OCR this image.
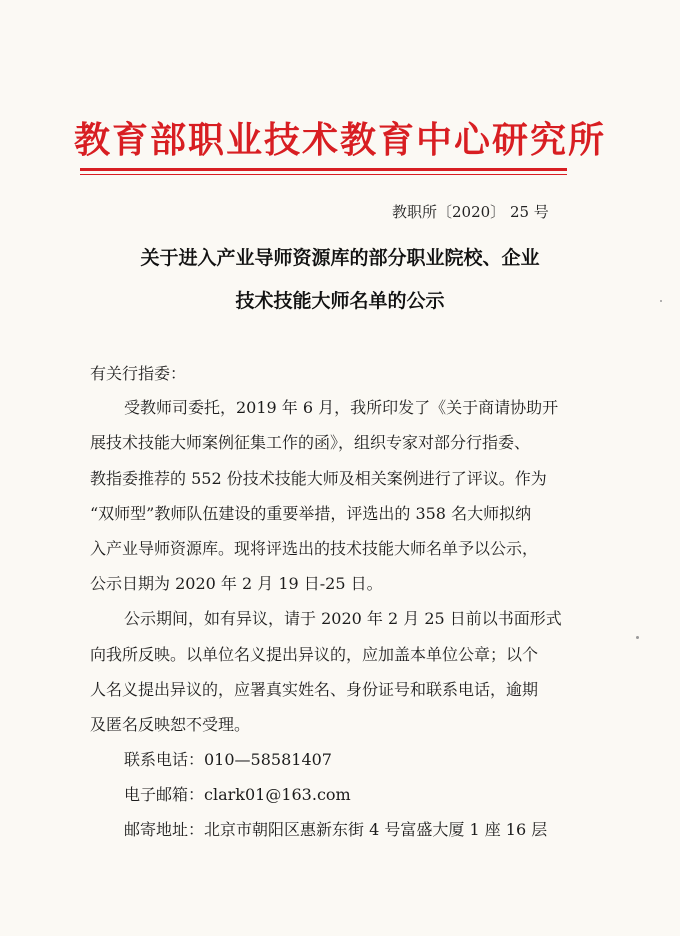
教育部职业技术教育中心研究所
教职所〔2020〕 25 号
关于进入产业导师资源库的部分职业院校、企业
技术技能大师名单的公示
有关行指委：
受教师司委托，2019 年 6 月，我所印发了《关于商请协助开
展技术技能大师案例征集工作的函》，组织专家对部分行指委、
教指委推荐的 552 份技术技能大师及相关案例进行了评议。作为
“双师型”教师队伍建设的重要举措，评选出的 358 名大师拟纳
入产业导师资源库。现将评选出的技术技能大师名单予以公示，
公示日期为 2020 年 2 月 19 日-25 日。
公示期间，如有异议，请于 2020 年 2 月 25 日前以书面形式
向我所反映。以单位名义提出异议的，应加盖本单位公章；以个
人名义提出异议的，应署真实姓名、身份证号和联系电话，逾期
及匿名反映恕不受理。
联系电话：010—58581407
电子邮箱：clark01@163.com
邮寄地址：北京市朝阳区惠新东街 4 号富盛大厦 1 座 16 层
